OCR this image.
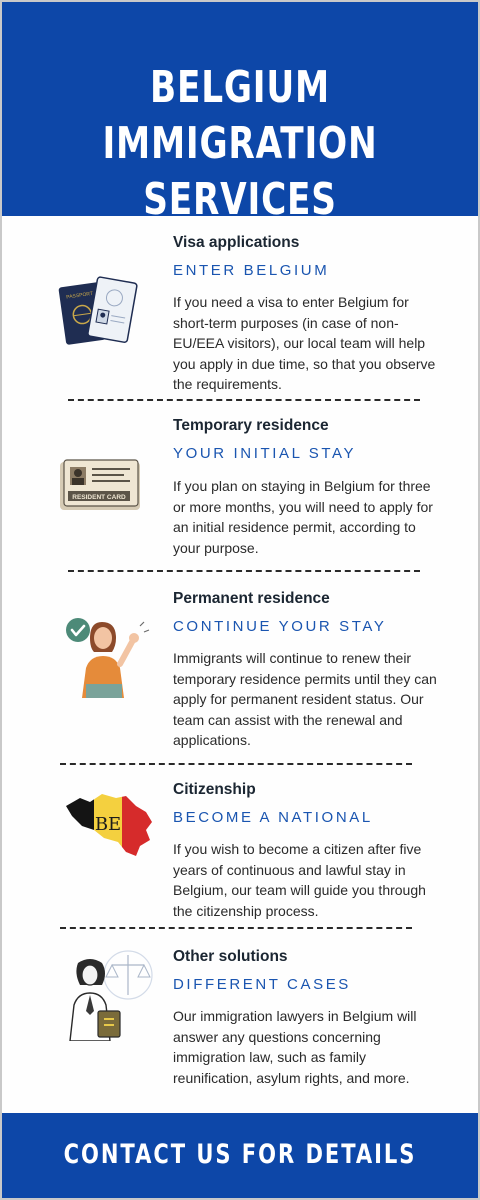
BELGIUM IMMIGRATION
SERVICES
PASSPORT
Visa applications
ENTER BELGIUM
If you need a visa to enter Belgium for short-term purposes (in case of non-EU/EEA visitors), our local team will help you apply in due time, so that you observe the requirements.
RESIDENT CARD
Temporary residence
YOUR INITIAL STAY
If you plan on staying in Belgium for three or more months, you will need to apply for an initial residence permit, according to your purpose.
Permanent residence
CONTINUE YOUR STAY
Immigrants will continue to renew their temporary residence permits until they can apply for permanent resident status. Our team can assist with the renewal and applications.
BE
Citizenship
BECOME A NATIONAL
If you wish to become a citizen after five years of continuous and lawful stay in Belgium, our team will guide you through the citizenship process.
Other solutions
DIFFERENT CASES
Our immigration lawyers in Belgium will answer any questions concerning immigration law, such as family reunification, asylum rights, and more.
CONTACT US FOR DETAILS
